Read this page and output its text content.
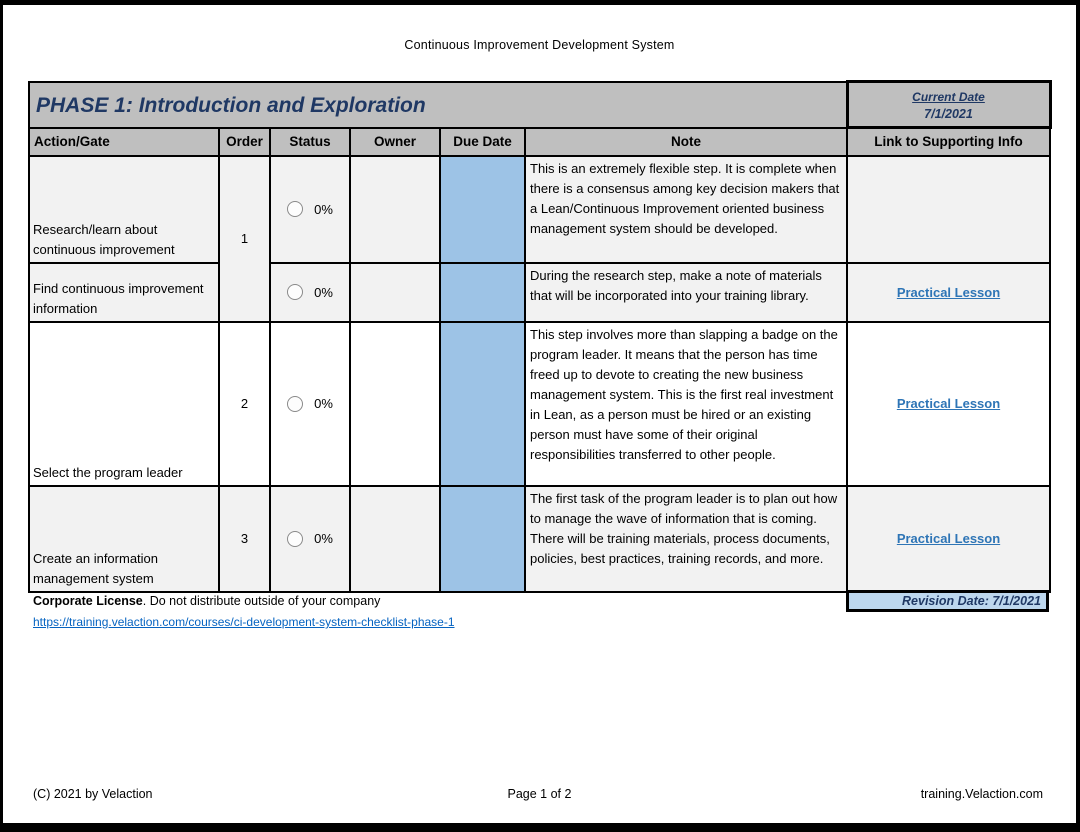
Continuous Improvement Development System
PHASE 1: Introduction and Exploration						Current Date
7/1/2021

Action/Gate	Order	Status	Owner	Due Date	Note	Link to Supporting Info
Research/learn about continuous improvement	1	0%			This is an extremely flexible step. It is complete when there is a consensus among key decision makers that a Lean/Continuous Improvement oriented business management system should be developed.	
Find continuous improvement information		0%			During the research step, make a note of materials that will be incorporated into your training library.	Practical Lesson
Select the program leader	2	0%			This step involves more than slapping a badge on the program leader. It means that the person has time freed up to devote to creating the new business management system. This is the first real investment in Lean, as a person must be hired or an existing person must have some of their original responsibilities transferred to other people.	Practical Lesson
Create an information management system	3	0%			The first task of the program leader is to plan out how to manage the wave of information that is coming. There will be training materials, process documents, policies, best practices, training records, and more.	Practical Lesson
Corporate License. Do not distribute outside of your company
https://training.velaction.com/courses/ci-development-system-checklist-phase-1
Revision Date: 7/1/2021
(C) 2021 by Velaction	Page 1 of 2	training.Velaction.com
